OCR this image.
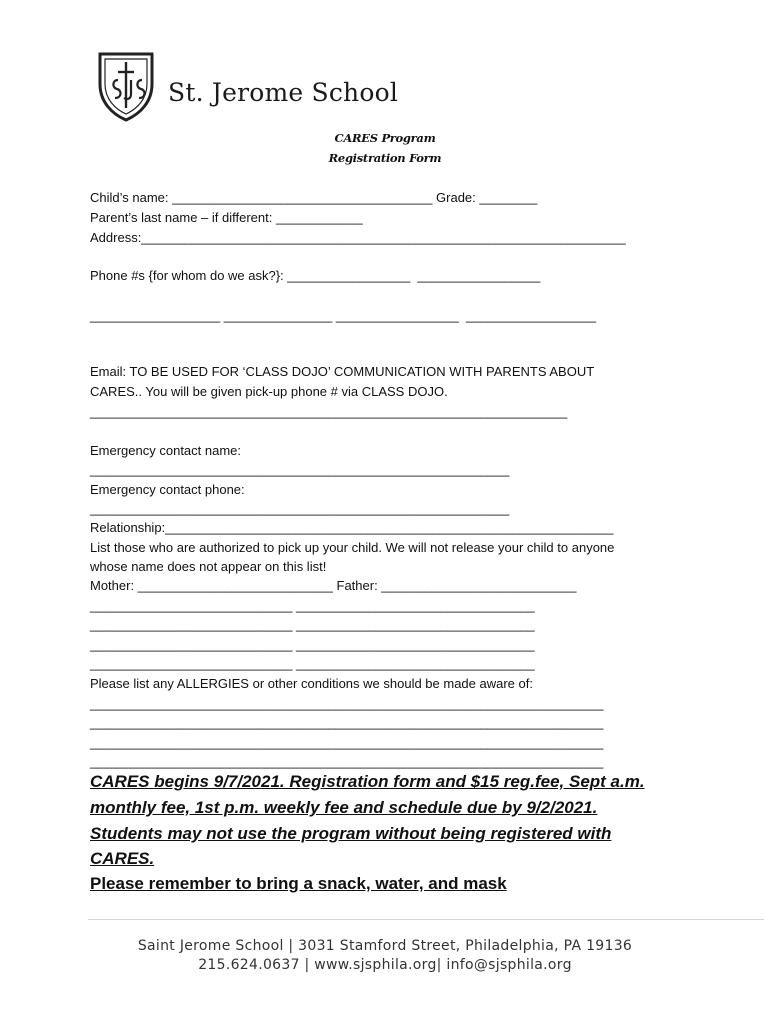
St. Jerome School
CARES Program
Registration Form
Child’s name: ____________________________________ Grade: ________
Parent’s last name – if different: ____________
Address:___________________________________________________________________
Phone #s {for whom do we ask?}: _________________  _________________
__________________ _______________ _________________  __________________
Email: TO BE USED FOR ‘CLASS DOJO’ COMMUNICATION WITH PARENTS ABOUT
CARES.. You will be given pick-up phone # via CLASS DOJO.
__________________________________________________________________
Emergency contact name:
__________________________________________________________
Emergency contact phone:
__________________________________________________________
Relationship:______________________________________________________________
List those who are authorized to pick up your child. We will not release your child to anyone
whose name does not appear on this list!
Mother: ___________________________ Father: ___________________________
____________________________ _________________________________
____________________________ _________________________________
____________________________ _________________________________
____________________________ _________________________________
Please list any ALLERGIES or other conditions we should be made aware of:
_______________________________________________________________________
_______________________________________________________________________
_______________________________________________________________________
_______________________________________________________________________
CARES begins 9/7/2021. Registration form and $15 reg.fee, Sept a.m.
monthly fee, 1st p.m. weekly fee and schedule due by 9/2/2021.
Students may not use the program without being registered with
CARES.
Please remember to bring a snack, water, and mask
Saint Jerome School | 3031 Stamford Street, Philadelphia, PA 19136
215.624.0637 | www.sjsphila.org| info@sjsphila.org
